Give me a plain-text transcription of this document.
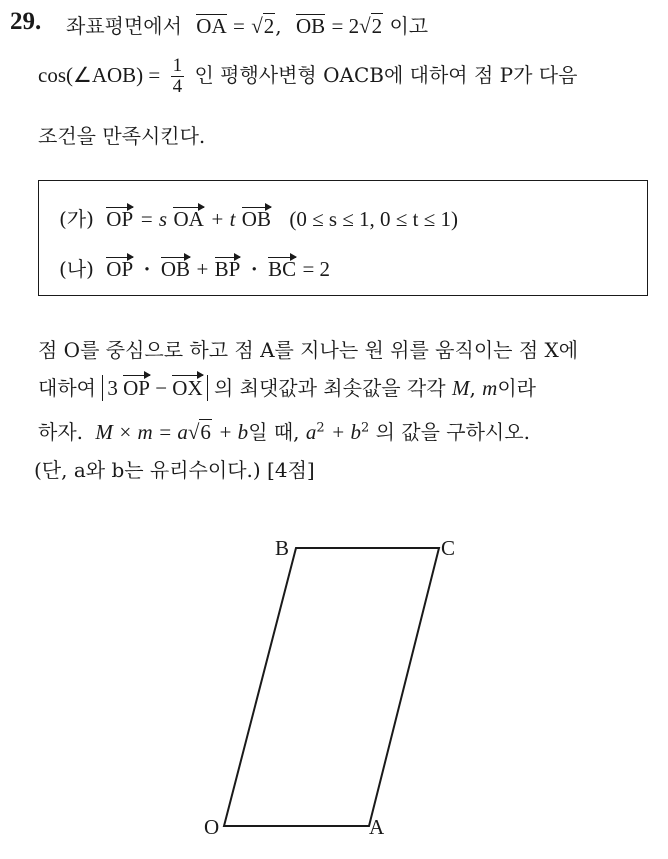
29. 좌표평면에서 OA = √2, OB = 2√2 이고
cos(∠AOB) = $\frac{1}{4}$ 인 평행사변형 OACB에 대하여 점 P가 다음
조건을 만족시킨다.
(가) OP = s OA + t OB (0 ≤ s ≤ 1, 0 ≤ t ≤ 1)
(나) OP · OB + BP · BC = 2
점 O를 중심으로 하고 점 A를 지나는 원 위를 움직이는 점 X에
대하여 3 OP − OX 의 최댓값과 최솟값을 각각 M, m이라
하자. M × m = a√6 + b일 때, $a^2 + b^2$ 의 값을 구하시오.
(단, a와 b는 유리수이다.) [4점]
B	C
O	A
